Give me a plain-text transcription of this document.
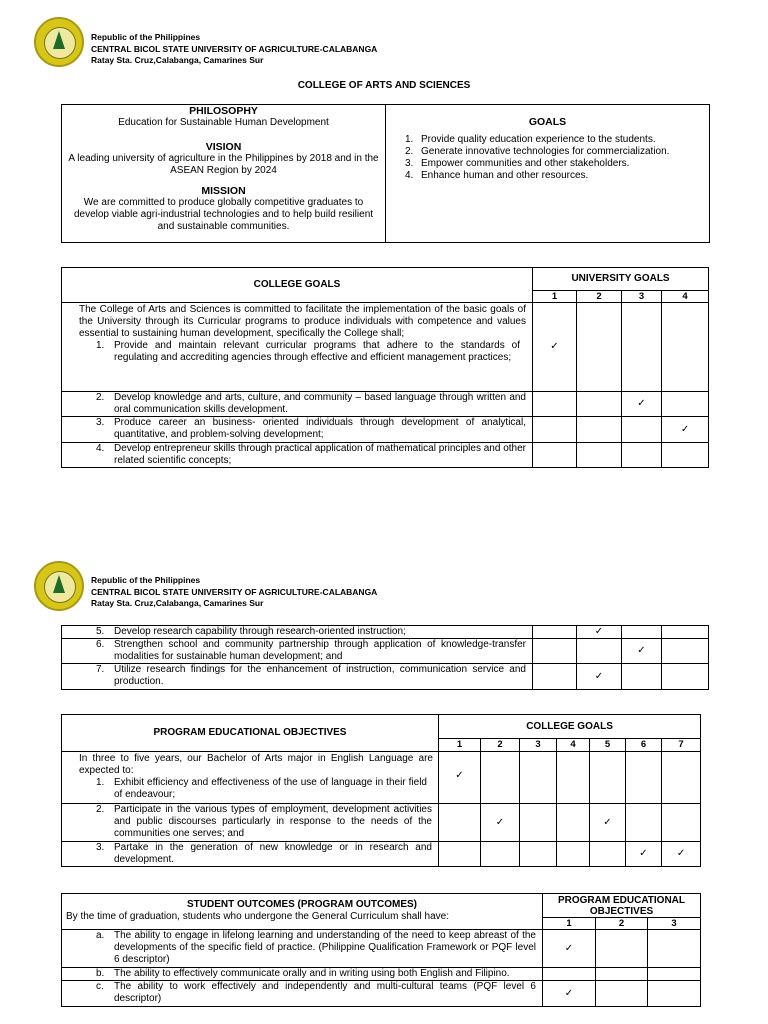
Republic of the Philippines
CENTRAL BICOL STATE UNIVERSITY OF AGRICULTURE-CALABANGA
Ratay Sta. Cruz,Calabanga, Camarines Sur
COLLEGE OF ARTS AND SCIENCES
PHILOSOPHY
Education for Sustainable Human Development
VISION
A leading university of agriculture in the Philippines by 2018 and in the ASEAN Region by 2024
MISSION
We are committed to produce globally competitive graduates to develop viable agri-industrial technologies and to help build resilient and sustainable communities.

GOALS
1. Provide quality education experience to the students.
2. Generate innovative technologies for commercialization.
3. Empower communities and other stakeholders.
4. Enhance human and other resources.
COLLEGE GOALS	UNIVERSITY GOALS			
	1	2	3	4

The College of Arts and Sciences is committed to facilitate the implementation of the basic goals of the University through its Curricular programs to produce individuals with competence and values essential to sustaining human development, specifically the College shall;
1. Provide and maintain relevant curricular programs that adhere to the standards of regulating and accrediting agencies through effective and efficient management practices;	✓			
2. Develop knowledge and arts, culture, and community – based language through written and oral communication skills development.			✓	
3. Produce career an business- oriented individuals through development of analytical, quantitative, and problem-solving development;				✓
4. Develop entrepreneur skills through practical application of mathematical principles and other related scientific concepts;				
Republic of the Philippines
CENTRAL BICOL STATE UNIVERSITY OF AGRICULTURE-CALABANGA
Ratay Sta. Cruz,Calabanga, Camarines Sur
5. Develop research capability through research-oriented instruction;		✓		
6. Strengthen school and community partnership through application of knowledge-transfer modalities for sustainable human development; and			✓	
7. Utilize research findings for the enhancement of instruction, communication service and production.		✓		
PROGRAM EDUCATIONAL OBJECTIVES	COLLEGE GOALS						
	1	2	3	4	5	6	7

In three to five years, our Bachelor of Arts major in English Language are expected to:
1. Exhibit efficiency and effectiveness of the use of language in their field of endeavour;	✓						
2. Participate in the various types of employment, development activities and public discourses particularly in response to the needs of the communities one serves; and		✓			✓		
3. Partake in the generation of new knowledge or in research and development.						✓	✓
STUDENT OUTCOMES (PROGRAM OUTCOMES)
By the time of graduation, students who undergone the General Curriculum shall have:	PROGRAM EDUCATIONAL OBJECTIVES		
	1	2	3
a. The ability to engage in lifelong learning and understanding of the need to keep abreast of the developments of the specific field of practice. (Philippine Qualification Framework or PQF level 6 descriptor)	✓		
b. The ability to effectively communicate orally and in writing using both English and Filipino.			
c. The ability to work effectively and independently and multi-cultural teams (PQF level 6 descriptor)	✓		
